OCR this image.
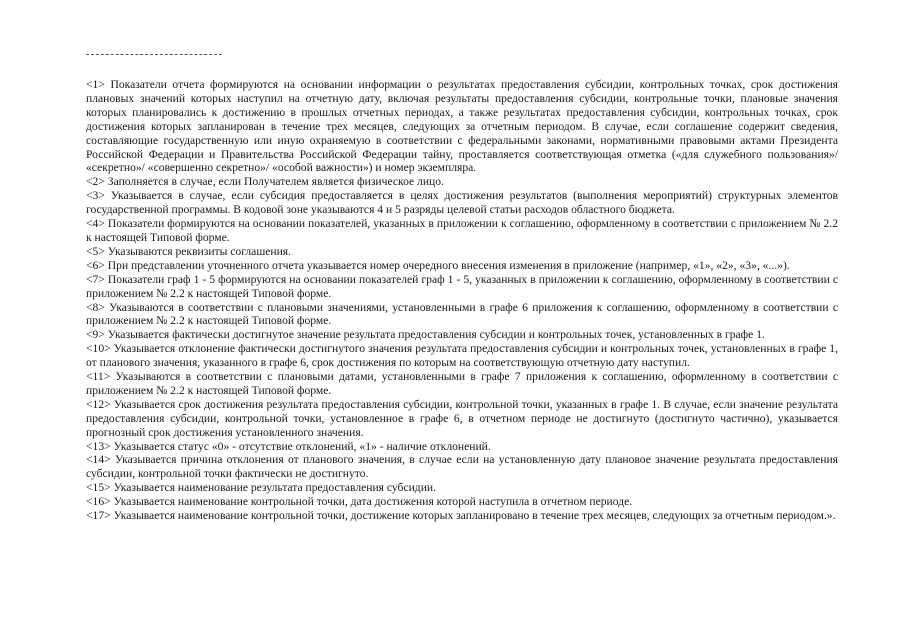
<1> Показатели отчета формируются на основании информации о результатах предоставления субсидии, контрольных точках, срок достижения плановых значений которых наступил на отчетную дату, включая результаты предоставления субсидии, контрольные точки, плановые значения которых планировались к достижению в прошлых отчетных периодах, а также результатах предоставления субсидии, контрольных точках, срок достижения которых запланирован в течение трех месяцев, следующих за отчетным периодом. В случае, если соглашение содержит сведения, составляющие государственную или иную охраняемую в соответствии с федеральными законами, нормативными правовыми актами Президента Российской Федерации и Правительства Российской Федерации тайну, проставляется соответствующая отметка («для служебного пользования»/ «секретно»/ «совершенно секретно»/ «особой важности») и номер экземпляра.

<2> Заполняется в случае, если Получателем является физическое лицо.

<3> Указывается в случае, если субсидия предоставляется в целях достижения результатов (выполнения мероприятий) структурных элементов государственной программы. В кодовой зоне указываются 4 и 5 разряды целевой статьи расходов областного бюджета.

<4> Показатели формируются на основании показателей, указанных в приложении к соглашению, оформленному в соответствии с приложением № 2.2 к настоящей Типовой форме.

<5> Указываются реквизиты соглашения.

<6> При представлении уточненного отчета указывается номер очередного внесения изменения в приложение (например, «1», «2», «3», «...»).

<7> Показатели граф 1 - 5 формируются на основании показателей граф 1 - 5, указанных в приложении к соглашению, оформленному в соответствии с приложением № 2.2 к настоящей Типовой форме.

<8> Указываются в соответствии с плановыми значениями, установленными в графе 6 приложения к соглашению, оформленному в соответствии с приложением № 2.2 к настоящей Типовой форме.

<9> Указывается фактически достигнутое значение результата предоставления субсидии и контрольных точек, установленных в графе 1.

<10> Указывается отклонение фактически достигнутого значения результата предоставления субсидии и контрольных точек, установленных в графе 1, от планового значения, указанного в графе 6, срок достижения по которым на соответствующую отчетную дату наступил.

<11> Указываются в соответствии с плановыми датами, установленными в графе 7 приложения к соглашению, оформленному в соответствии с приложением № 2.2 к настоящей Типовой форме.

<12> Указывается срок достижения результата предоставления субсидии, контрольной точки, указанных в графе 1. В случае, если значение результата предоставления субсидии, контрольной точки, установленное в графе 6, в отчетном периоде не достигнуто (достигнуто частично), указывается прогнозный срок достижения установленного значения.

<13> Указывается статус «0» - отсутствие отклонений, «1» - наличие отклонений.

<14> Указывается причина отклонения от планового значения, в случае если на установленную дату плановое значение результата предоставления субсидии, контрольной точки фактически не достигнуто.

<15> Указывается наименование результата предоставления субсидии.

<16> Указывается наименование контрольной точки, дата достижения которой наступила в отчетном периоде.

<17> Указывается наименование контрольной точки, достижение которых запланировано в течение трех месяцев, следующих за отчетным периодом.».
